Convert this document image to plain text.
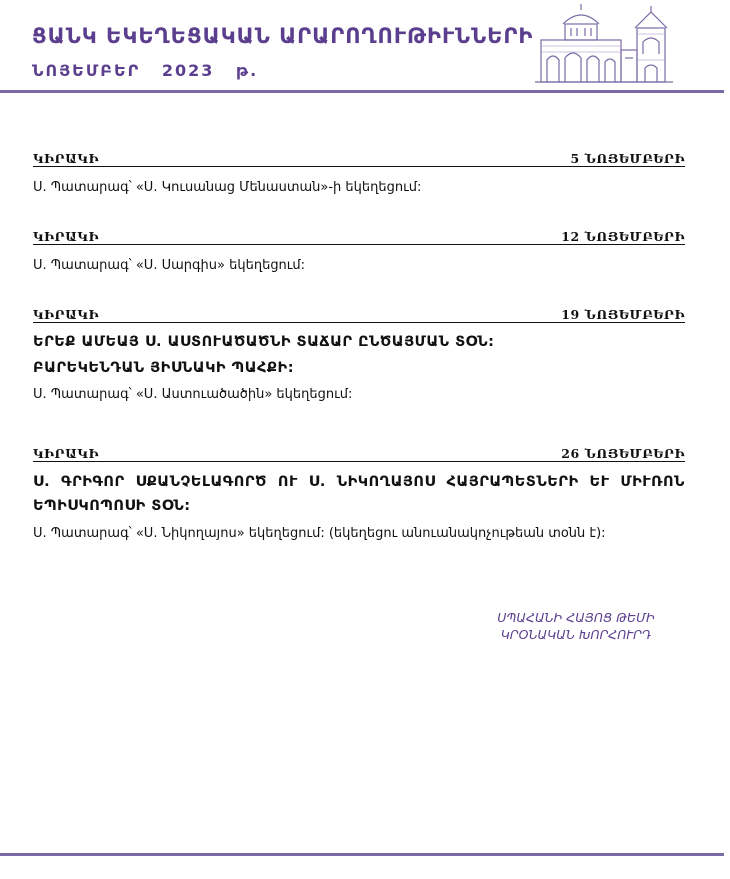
ՑԱՆԿ ԵԿԵՂԵՑԱԿԱՆ ԱՐԱՐՈՂՈՒԹԻՒՆՆԵՐԻ

ՆՈՅԵՄԲԵՐ 2023 թ.

ԿԻՐԱԿԻ	5 ՆՈՅԵՄԲԵՐԻ

Ս. Պատարագ՝ «Ս. Կուսանաց Մենաստան»-ի եկեղեցում:

ԿԻՐԱԿԻ	12 ՆՈՅԵՄԲԵՐԻ

Ս. Պատարագ՝ «Ս. Սարգիս» եկեղեցում:

ԿԻՐԱԿԻ	19 ՆՈՅԵՄԲԵՐԻ

ԵՐԵՔ ԱՄԵԱՅ Ս. ԱՍՏՈՒԱԾԱԾՆԻ ՏԱՃԱՐ ԸՆԾԱՅՄԱՆ ՏՕՆ:

ԲԱՐԵԿԵՆԴԱՆ ՅԻՍՆԱԿԻ ՊԱՀՔԻ:

Ս. Պատարագ՝ «Ս. Աստուածածին» եկեղեցում:

ԿԻՐԱԿԻ	26 ՆՈՅԵՄԲԵՐԻ

Ս. ԳՐԻԳՈՐ ՍՔԱՆՉԵԼԱԳՈՐԾ ՈՒ Ս. ՆԻԿՈՂԱՅՈՍ ՀԱՅՐԱՊԵՏՆԵՐԻ ԵՒ ՄԻՒՌՈՆ

ԵՊԻՍԿՈՊՈՍԻ ՏՕՆ:

Ս. Պատարագ՝ «Ս. Նիկողայոս» եկեղեցում: (եկեղեցու անուանակոչութեան տօնն է):

ՍՊԱՀԱՆԻ ՀԱՅՈՑ ԹԵՄԻ
ԿՐՕՆԱԿԱՆ ԽՈՐՀՈՒՐԴ
